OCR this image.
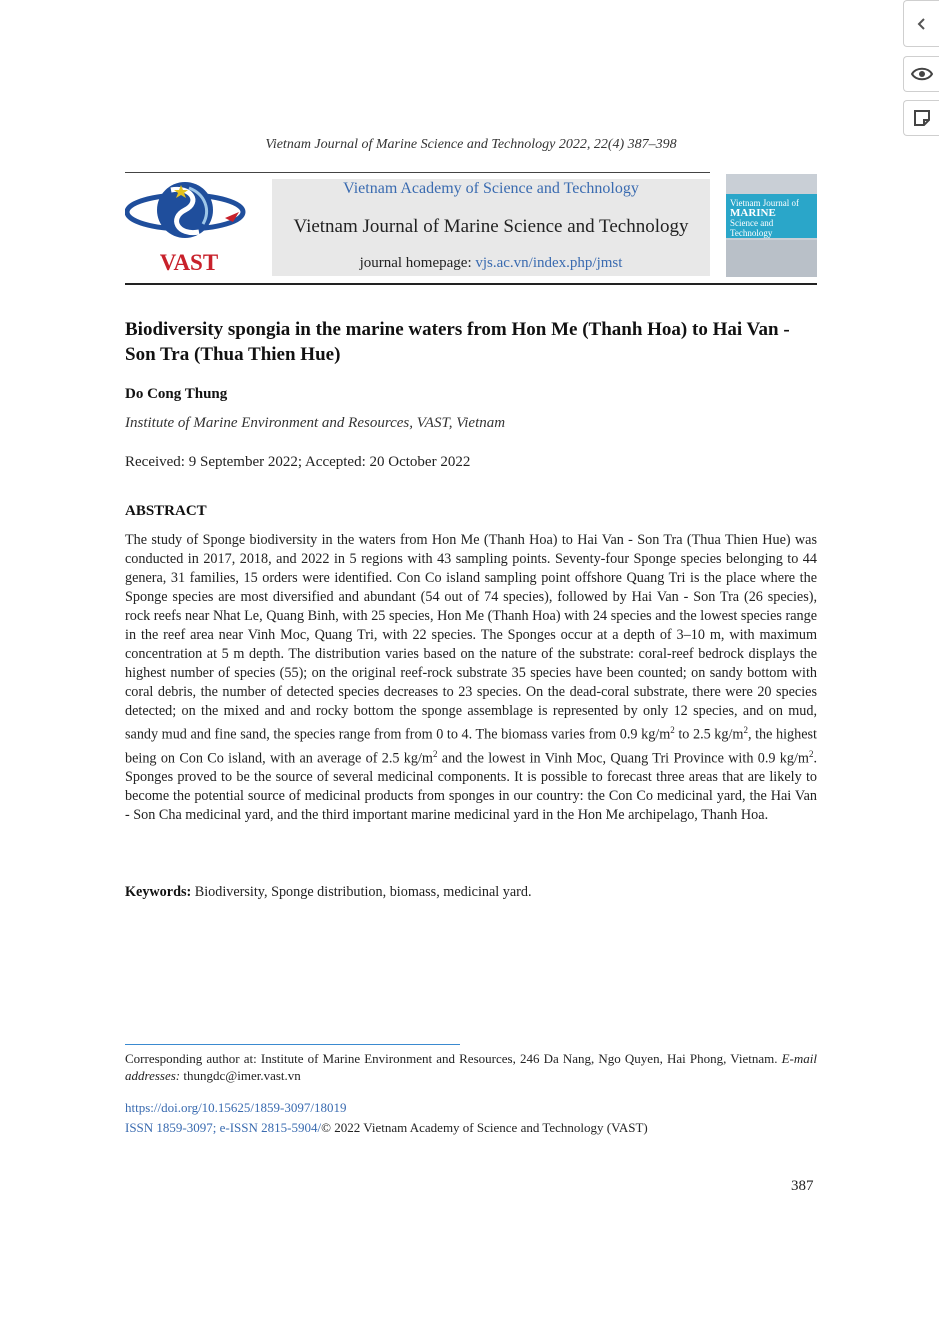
Vietnam Journal of Marine Science and Technology 2022, 22(4) 387–398
VAST
Vietnam Academy of Science and Technology
Vietnam Journal of Marine Science and Technology
journal homepage: vjs.ac.vn/index.php/jmst
Vietnam Journal of
MARINE
Science and Technology
Biodiversity spongia in the marine waters from Hon Me (Thanh Hoa) to Hai Van - Son Tra (Thua Thien Hue)
Do Cong Thung
Institute of Marine Environment and Resources, VAST, Vietnam
Received: 9 September 2022; Accepted: 20 October 2022
ABSTRACT
The study of Sponge biodiversity in the waters from Hon Me (Thanh Hoa) to Hai Van - Son Tra (Thua Thien Hue) was conducted in 2017, 2018, and 2022 in 5 regions with 43 sampling points. Seventy-four Sponge species belonging to 44 genera, 31 families, 15 orders were identified. Con Co island sampling point offshore Quang Tri is the place where the Sponge species are most diversified and abundant (54 out of 74 species), followed by Hai Van - Son Tra (26 species), rock reefs near Nhat Le, Quang Binh, with 25 species, Hon Me (Thanh Hoa) with 24 species and the lowest species range in the reef area near Vinh Moc, Quang Tri, with 22 species. The Sponges occur at a depth of 3–10 m, with maximum concentration at 5 m depth. The distribution varies based on the nature of the substrate: coral-reef bedrock displays the highest number of species (55); on the original reef-rock substrate 35 species have been counted; on sandy bottom with coral debris, the number of detected species decreases to 23 species. On the dead-coral substrate, there were 20 species detected; on the mixed and and rocky bottom the sponge assemblage is represented by only 12 species, and on mud, sandy mud and fine sand, the species range from from 0 to 4. The biomass varies from 0.9 $kg/m^2$ to 2.5 $kg/m^2$, the highest being on Con Co island, with an average of 2.5 $kg/m^2$ and the lowest in Vinh Moc, Quang Tri Province with 0.9 $kg/m^2$. Sponges proved to be the source of several medicinal components. It is possible to forecast three areas that are likely to become the potential source of medicinal products from sponges in our country: the Con Co medicinal yard, the Hai Van - Son Cha medicinal yard, and the third important marine medicinal yard in the Hon Me archipelago, Thanh Hoa.
Keywords: Biodiversity, Sponge distribution, biomass, medicinal yard.
Corresponding author at: Institute of Marine Environment and Resources, 246 Da Nang, Ngo Quyen, Hai Phong, Vietnam. E-mail addresses: thungdc@imer.vast.vn
https://doi.org/10.15625/1859-3097/18019
ISSN 1859-3097; e-ISSN 2815-5904/© 2022 Vietnam Academy of Science and Technology (VAST)
387
